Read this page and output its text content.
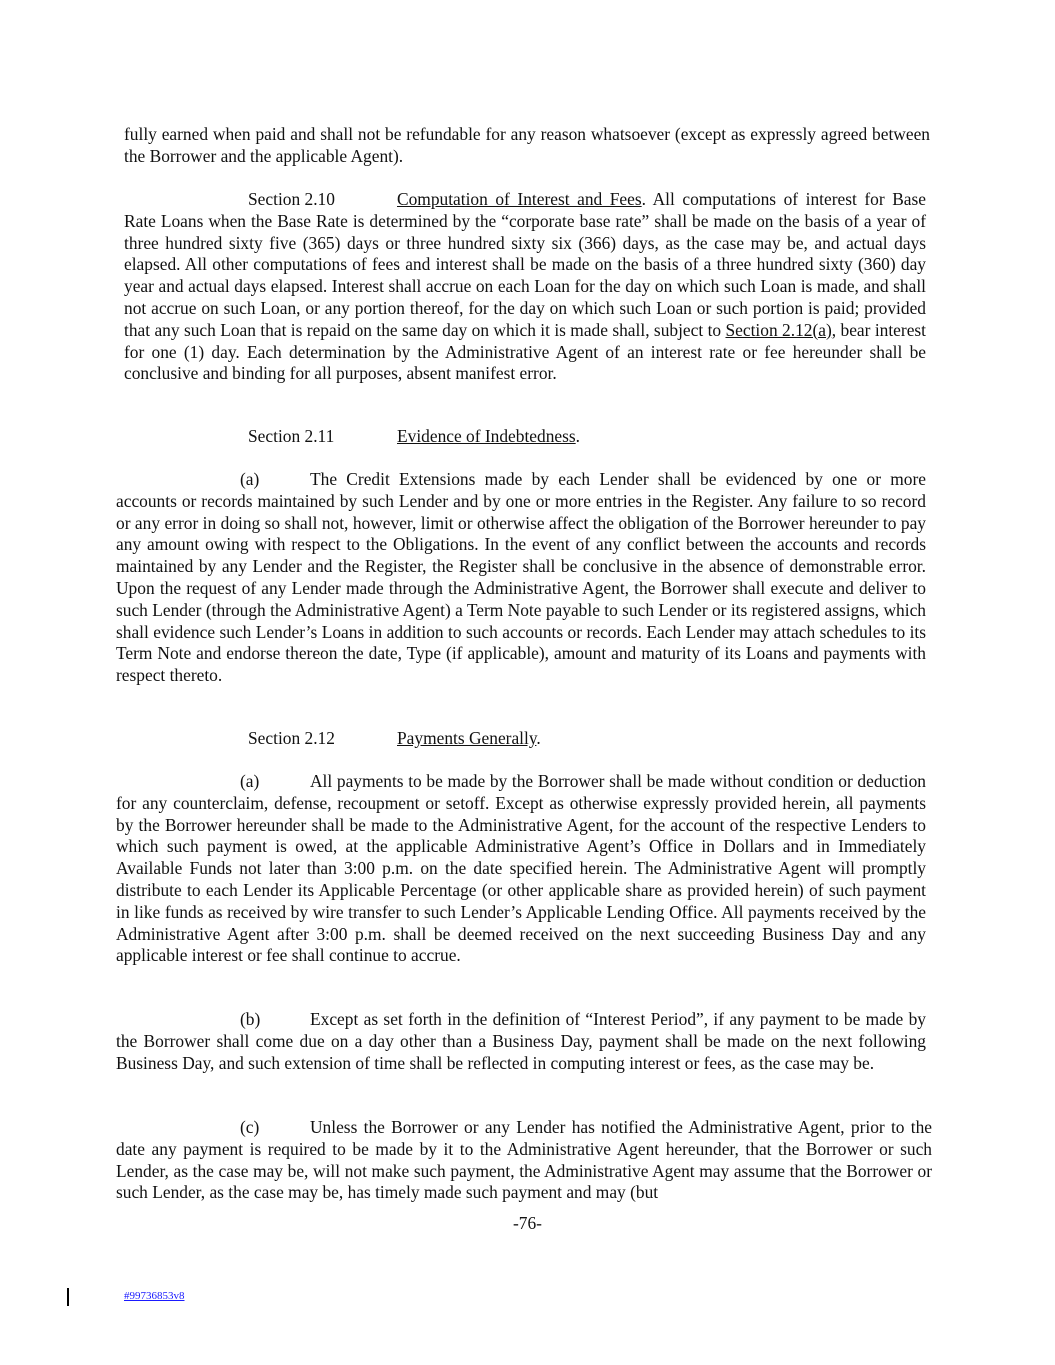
fully earned when paid and shall not be refundable for any reason whatsoever (except as expressly agreed between the Borrower and the applicable Agent).

Section 2.10	Computation of Interest and Fees. All computations of interest for Base Rate Loans when the Base Rate is determined by the “corporate base rate” shall be made on the basis of a year of three hundred sixty five (365) days or three hundred sixty six (366) days, as the case may be, and actual days elapsed. All other computations of fees and interest shall be made on the basis of a three hundred sixty (360) day year and actual days elapsed. Interest shall accrue on each Loan for the day on which such Loan is made, and shall not accrue on such Loan, or any portion thereof, for the day on which such Loan or such portion is paid; provided that any such Loan that is repaid on the same day on which it is made shall, subject to Section 2.12(a), bear interest for one (1) day. Each determination by the Administrative Agent of an interest rate or fee hereunder shall be conclusive and binding for all purposes, absent manifest error.

Section 2.11	Evidence of Indebtedness.

(a)	The Credit Extensions made by each Lender shall be evidenced by one or more accounts or records maintained by such Lender and by one or more entries in the Register. Any failure to so record or any error in doing so shall not, however, limit or otherwise affect the obligation of the Borrower hereunder to pay any amount owing with respect to the Obligations. In the event of any conflict between the accounts and records maintained by any Lender and the Register, the Register shall be conclusive in the absence of demonstrable error. Upon the request of any Lender made through the Administrative Agent, the Borrower shall execute and deliver to such Lender (through the Administrative Agent) a Term Note payable to such Lender or its registered assigns, which shall evidence such Lender’s Loans in addition to such accounts or records. Each Lender may attach schedules to its Term Note and endorse thereon the date, Type (if applicable), amount and maturity of its Loans and payments with respect thereto.

Section 2.12	Payments Generally.

(a)	All payments to be made by the Borrower shall be made without condition or deduction for any counterclaim, defense, recoupment or setoff. Except as otherwise expressly provided herein, all payments by the Borrower hereunder shall be made to the Administrative Agent, for the account of the respective Lenders to which such payment is owed, at the applicable Administrative Agent’s Office in Dollars and in Immediately Available Funds not later than 3:00 p.m. on the date specified herein. The Administrative Agent will promptly distribute to each Lender its Applicable Percentage (or other applicable share as provided herein) of such payment in like funds as received by wire transfer to such Lender’s Applicable Lending Office. All payments received by the Administrative Agent after 3:00 p.m. shall be deemed received on the next succeeding Business Day and any applicable interest or fee shall continue to accrue.

(b)	Except as set forth in the definition of “Interest Period”, if any payment to be made by the Borrower shall come due on a day other than a Business Day, payment shall be made on the next following Business Day, and such extension of time shall be reflected in computing interest or fees, as the case may be.

(c)	Unless the Borrower or any Lender has notified the Administrative Agent, prior to the date any payment is required to be made by it to the Administrative Agent hereunder, that the Borrower or such Lender, as the case may be, will not make such payment, the Administrative Agent may assume that the Borrower or such Lender, as the case may be, has timely made such payment and may (but

-76-
#99736853v8
